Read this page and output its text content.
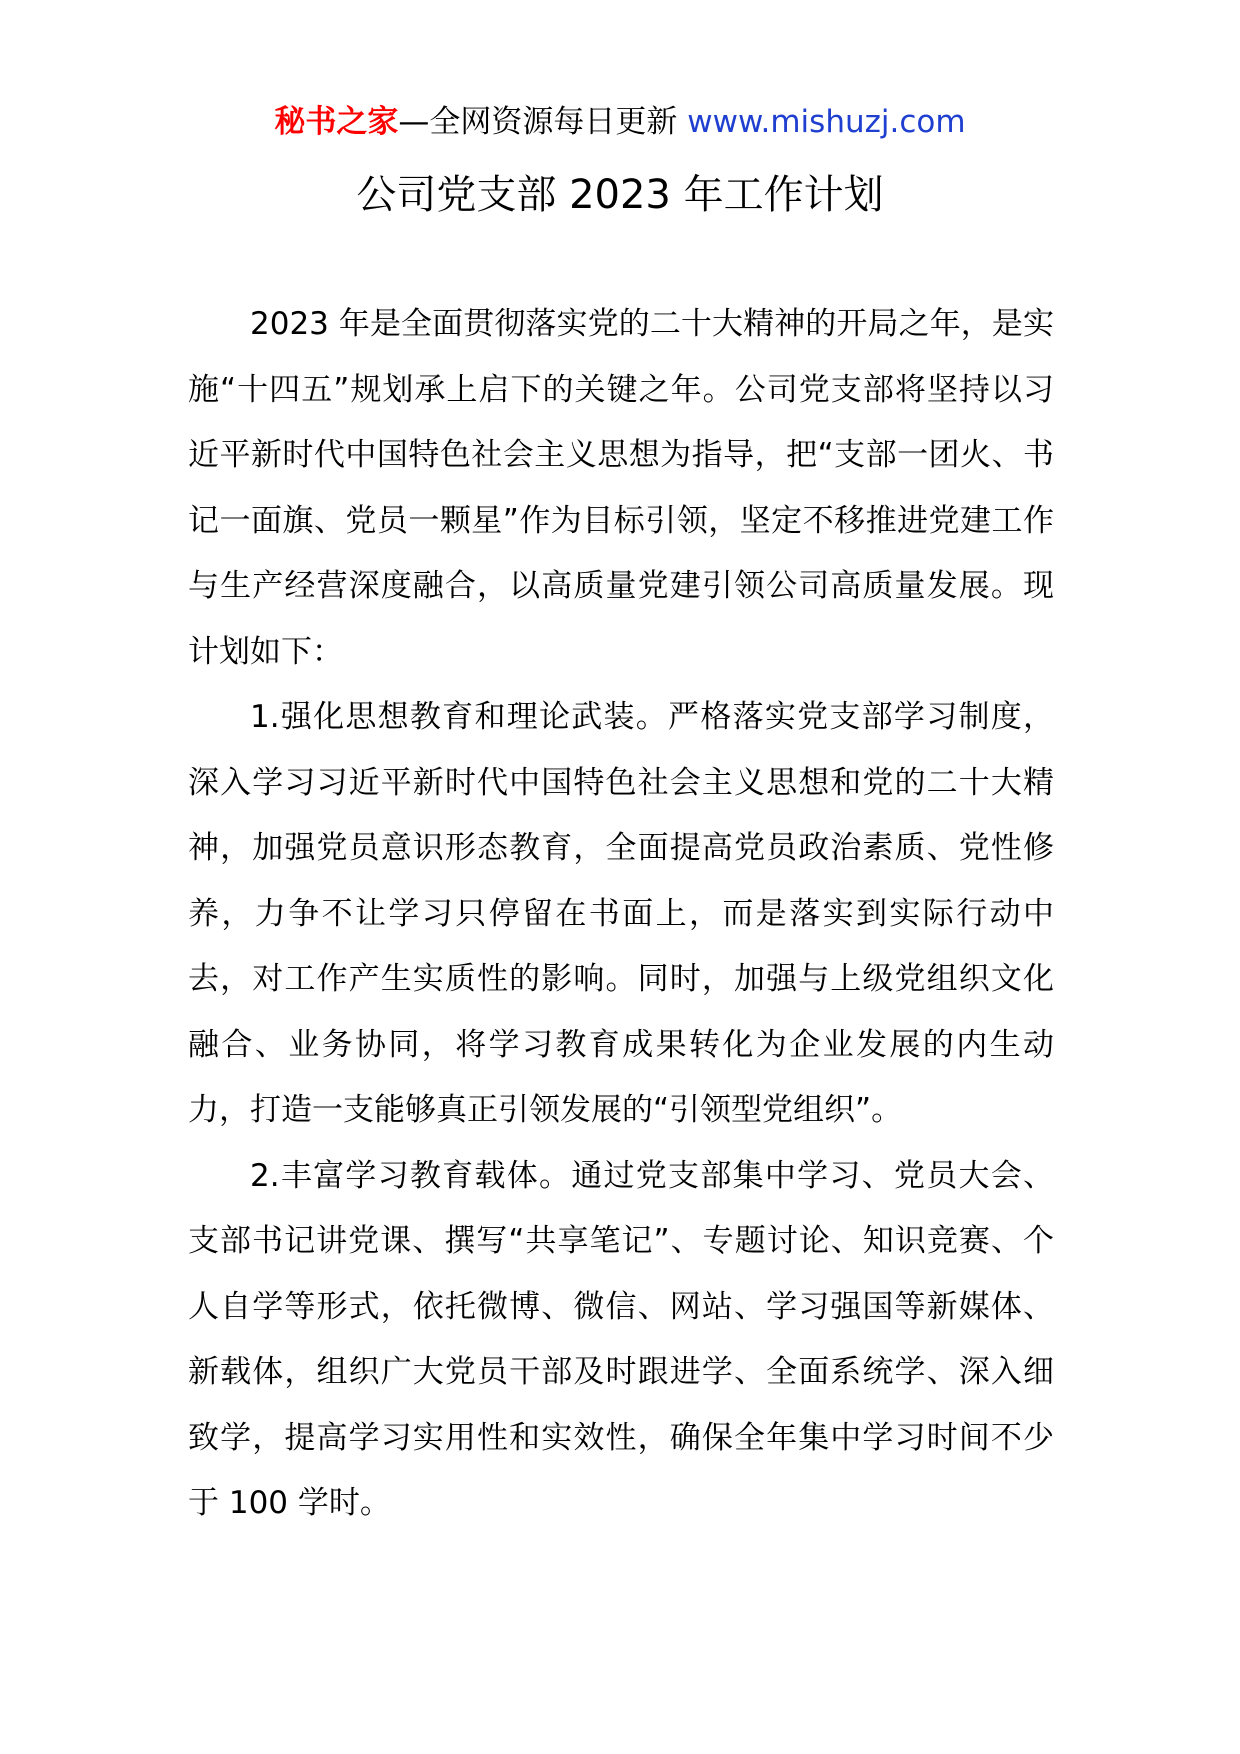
秘书之家—全网资源每日更新 www.mishuzj.com
公司党支部 2023 年工作计划

2023 年是全面贯彻落实党的二十大精神的开局之年，是实施“十四五”规划承上启下的关键之年。公司党支部将坚持以习近平新时代中国特色社会主义思想为指导，把“支部一团火、书记一面旗、党员一颗星”作为目标引领，坚定不移推进党建工作与生产经营深度融合，以高质量党建引领公司高质量发展。现计划如下：

1.强化思想教育和理论武装。严格落实党支部学习制度，深入学习习近平新时代中国特色社会主义思想和党的二十大精神，加强党员意识形态教育，全面提高党员政治素质、党性修养，力争不让学习只停留在书面上，而是落实到实际行动中去，对工作产生实质性的影响。同时，加强与上级党组织文化融合、业务协同，将学习教育成果转化为企业发展的内生动力，打造一支能够真正引领发展的“引领型党组织”。

2.丰富学习教育载体。通过党支部集中学习、党员大会、支部书记讲党课、撰写“共享笔记”、专题讨论、知识竞赛、个人自学等形式，依托微博、微信、网站、学习强国等新媒体、新载体，组织广大党员干部及时跟进学、全面系统学、深入细致学，提高学习实用性和实效性，确保全年集中学习时间不少于 100 学时。
